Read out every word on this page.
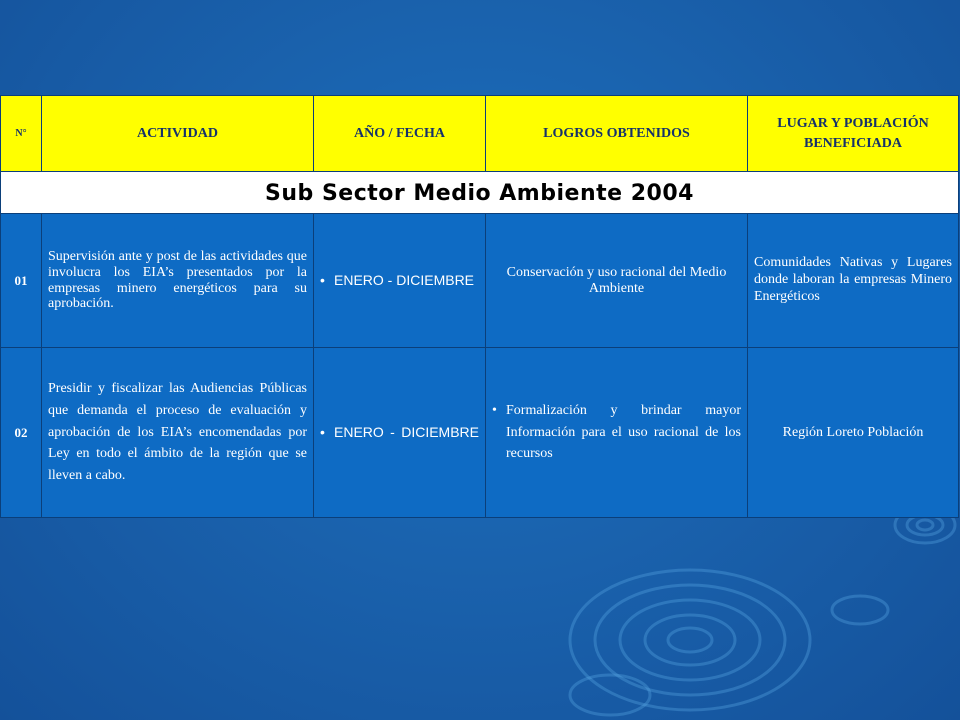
N°	ACTIVIDAD	AÑO / FECHA	LOGROS OBTENIDOS	LUGAR Y POBLACIÓN BENEFICIADA
Sub Sector Medio Ambiente 2004				
01	Supervisión ante y post de las actividades que involucra los EIA’s presentados por la empresas minero energéticos para su aprobación.	• ENERO - DICIEMBRE	Conservación y uso racional del Medio Ambiente	Comunidades Nativas y Lugares donde laboran la empresas Minero Energéticos

02	Presidir y fiscalizar las Audiencias Públicas que demanda el proceso de evaluación y aprobación de los EIA’s encomendadas por Ley en todo el ámbito de la región que se lleven a cabo.	• ENERO - DICIEMBRE	• Formalización y brindar mayor Información para el uso racional de los recursos	Región Loreto Población
